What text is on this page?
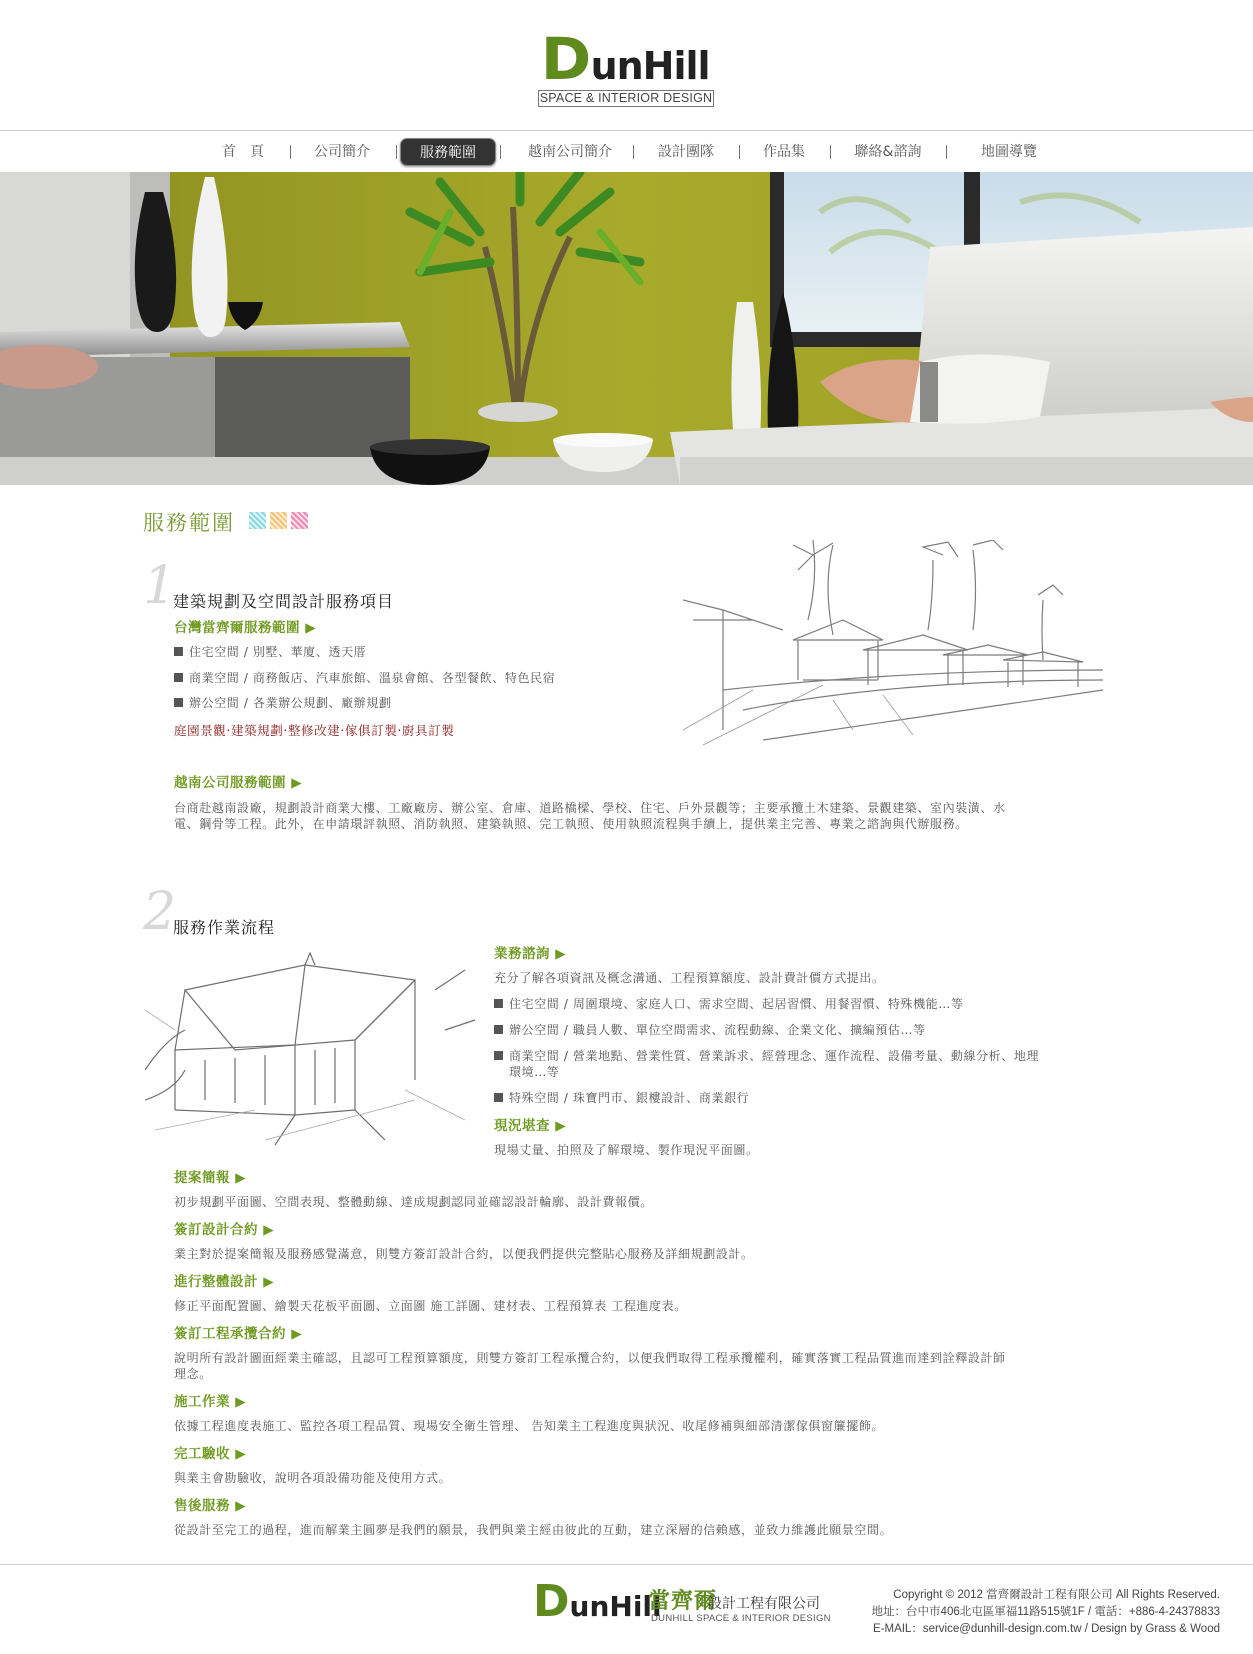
DunHill
SPACE & INTERIOR DESIGN
首　頁	公司簡介	服務範圍	越南公司簡介	設計團隊	作品集	聯絡&諮詢	地圖導覽
服務範圍
1
建築規劃及空間設計服務項目
台灣當齊爾服務範圍 ▶
住宅空間 / 別墅、華廈、透天厝
商業空間 / 商務飯店、汽車旅館、溫泉會館、各型餐飲、特色民宿
辦公空間 / 各業辦公規劃、廠辦規劃
庭園景觀‧建築規劃‧整修改建‧傢俱訂製‧廚具訂製
越南公司服務範圍 ▶
台商赴越南設廠，規劃設計商業大樓、工廠廠房、辦公室、倉庫、道路橋樑、學校、住宅、戶外景觀等；主要承攬土木建築、景觀建築、室內裝潢、水
電、鋼骨等工程。此外，在申請環評執照、消防執照、建築執照、完工執照、使用執照流程與手續上，提供業主完善、專業之諮詢與代辦服務。
2
服務作業流程
業務諮詢 ▶
充分了解各項資訊及概念溝通、工程預算額度、設計費計價方式提出。
住宅空間 / 周圍環境、家庭人口、需求空間、起居習慣、用餐習慣、特殊機能…等
辦公空間 / 職員人數、單位空間需求、流程動線、企業文化、擴編預估…等
商業空間 / 營業地點、營業性質、營業訴求、經營理念、運作流程、設備考量、動線分析、地理
環境…等
特殊空間 / 珠寶門市、銀樓設計、商業銀行
現況堪查 ▶
現場丈量、拍照及了解環境、製作現況平面圖。
提案簡報 ▶
初步規劃平面圖、空間表現、整體動線、達成規劃認同並確認設計輪廓、設計費報價。
簽訂設計合約 ▶
業主對於提案簡報及服務感覺滿意，則雙方簽訂設計合約，以便我們提供完整貼心服務及詳細規劃設計。
進行整體設計 ▶
修正平面配置圖、繪製天花板平面圖、立面圖 施工詳圖、建材表、工程預算表 工程進度表。
簽訂工程承攬合約 ▶
說明所有設計圖面經業主確認，且認可工程預算額度，則雙方簽訂工程承攬合約，以便我們取得工程承攬權利，確實落實工程品質進而達到詮釋設計師
理念。
施工作業 ▶
依據工程進度表施工、監控各項工程品質、現場安全衛生管理、 告知業主工程進度與狀況、收尾修補與細部清潔傢俱窗簾擺飾。
完工驗收 ▶
與業主會勘驗收，說明各項設備功能及使用方式。
售後服務 ▶
從設計至完工的過程，進而解業主圓夢是我們的願景，我們與業主經由彼此的互動，建立深層的信賴感，並致力維護此願景空間。
DunHill
當齊爾
設計工程有限公司
DUNHILL SPACE & INTERIOR DESIGN
Copyright © 2012 當齊爾設計工程有限公司 All Rights Reserved.
地址：台中市406北屯區軍福11路515號1F / 電話：+886-4-24378833
E-MAIL：service@dunhill-design.com.tw / Design by Grass & Wood
